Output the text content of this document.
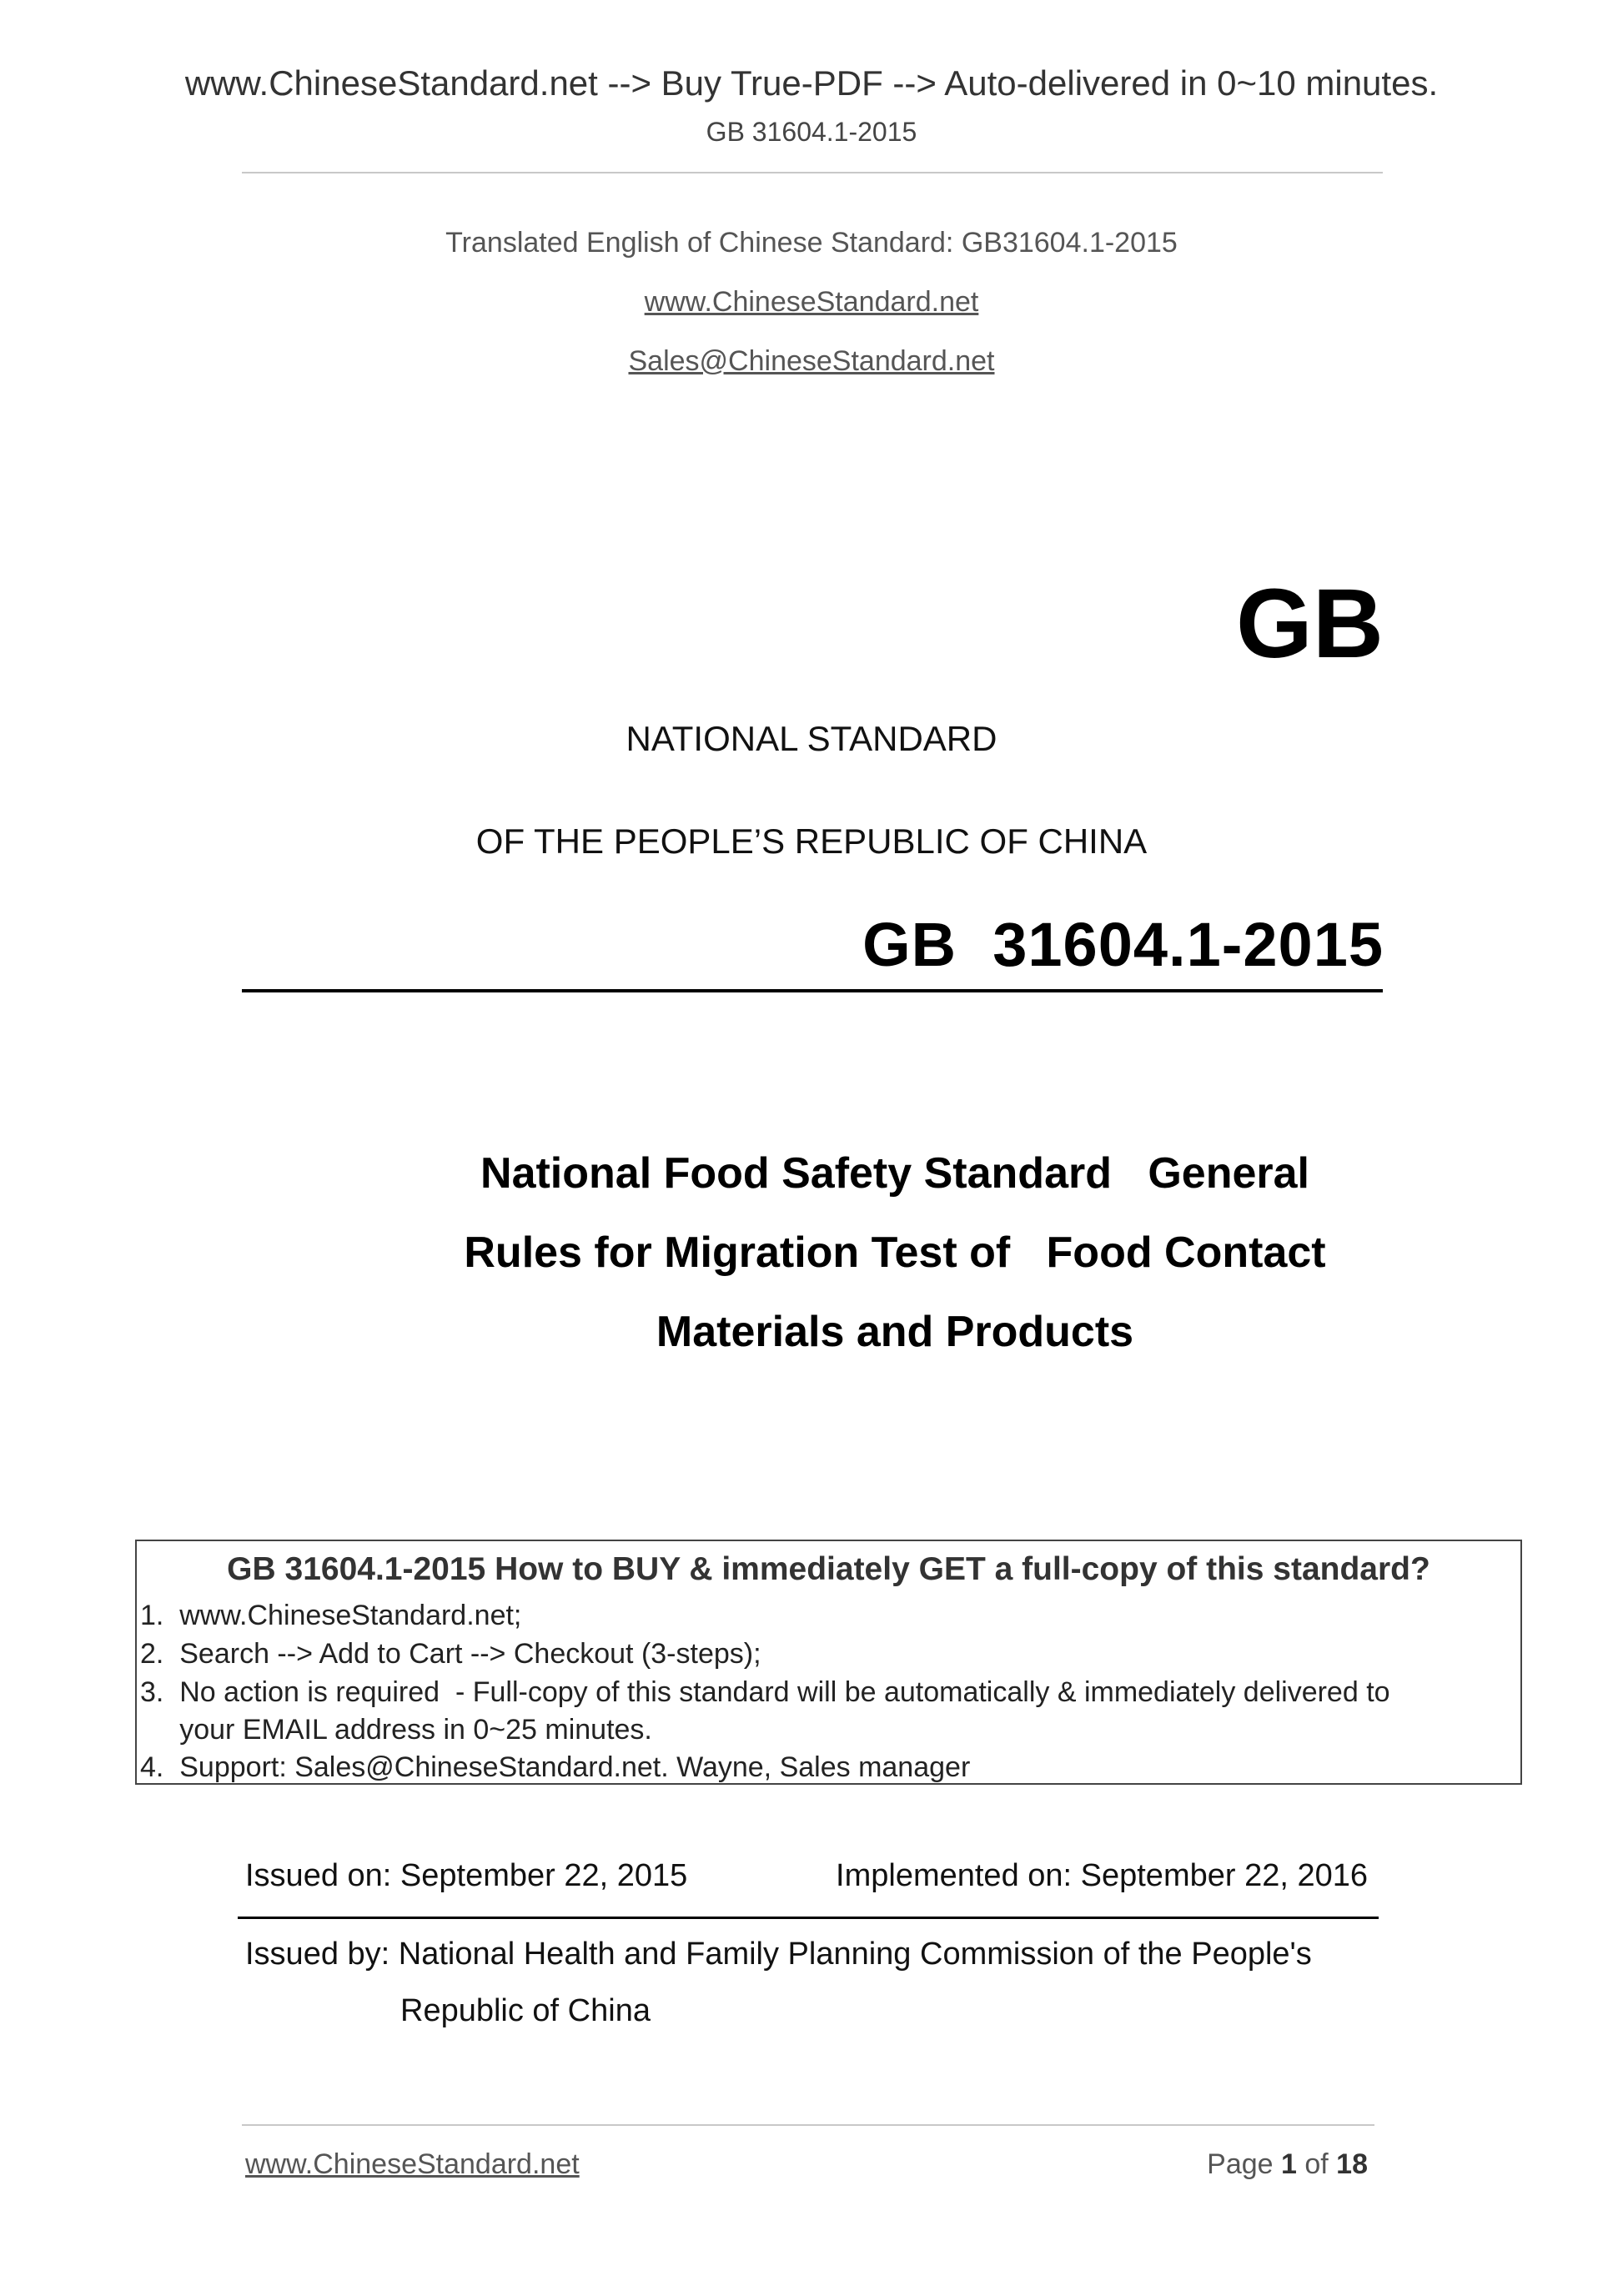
www.ChineseStandard.net --> Buy True-PDF --> Auto-delivered in 0~10 minutes.
GB 31604.1-2015
Translated English of Chinese Standard: GB31604.1-2015
www.ChineseStandard.net
Sales@ChineseStandard.net
GB
NATIONAL STANDARD
OF THE PEOPLE’S REPUBLIC OF CHINA
GB  31604.1-2015
National Food Safety Standard   General
Rules for Migration Test of   Food Contact
Materials and Products
GB 31604.1-2015 How to BUY & immediately GET a full-copy of this standard?
1.  www.ChineseStandard.net;
2.  Search --> Add to Cart --> Checkout (3-steps);
3.  No action is required  - Full-copy of this standard will be automatically & immediately delivered to
your EMAIL address in 0~25 minutes.
4.  Support: Sales@ChineseStandard.net. Wayne, Sales manager
Issued on: September 22, 2015	Implemented on: September 22, 2016
Issued by: National Health and Family Planning Commission of the People's
Republic of China
www.ChineseStandard.net	Page 1 of 18
